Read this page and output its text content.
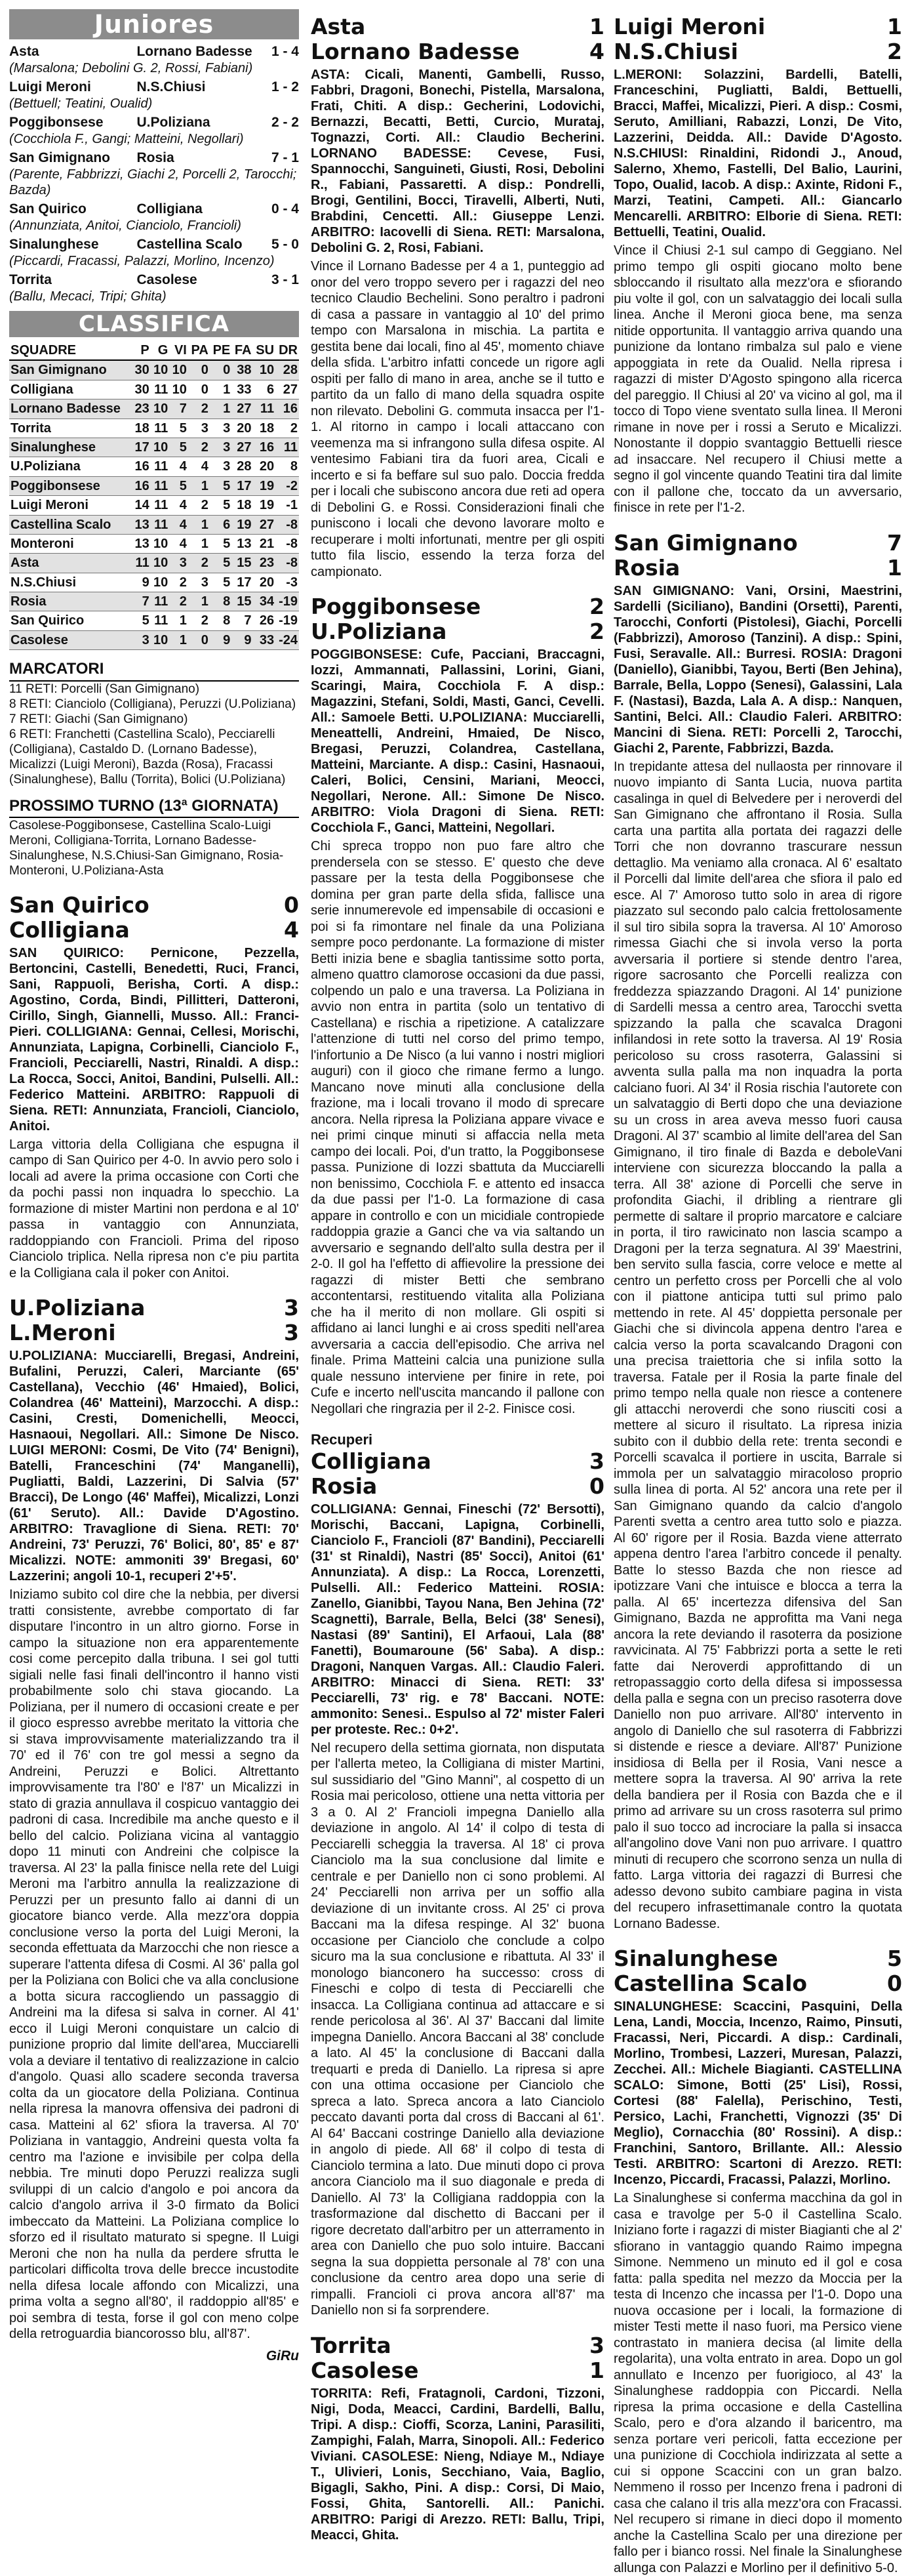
Juniores
Asta	Lornano Badesse	1 - 4
(Marsalona; Debolini G. 2, Rossi, Fabiani)
Luigi Meroni	N.S.Chiusi	1 - 2
(Bettuell; Teatini, Oualid)
Poggibonsese	U.Poliziana	2 - 2
(Cocchiola F., Gangi; Matteini, Negollari)
San Gimignano	Rosia	7 - 1
(Parente, Fabbrizzi, Giachi 2, Porcelli 2, Tarocchi; Bazda)
San Quirico	Colligiana	0 - 4
(Annunziata, Anitoi, Cianciolo, Francioli)
Sinalunghese	Castellina Scalo	5 - 0
(Piccardi, Fracassi, Palazzi, Morlino, Incenzo)
Torrita	Casolese	3 - 1
(Ballu, Mecaci, Tripi; Ghita)
CLASSIFICA
SQUADRE	P	G	VI	PA	PE	FA	SU	DR
San Gimignano	30	10	10	0	0	38	10	28
Colligiana	30	11	10	0	1	33	6	27
Lornano Badesse	23	10	7	2	1	27	11	16
Torrita	18	11	5	3	3	20	18	2
Sinalunghese	17	10	5	2	3	27	16	11
U.Poliziana	16	11	4	4	3	28	20	8
Poggibonsese	16	11	5	1	5	17	19	-2
Luigi Meroni	14	11	4	2	5	18	19	-1
Castellina Scalo	13	11	4	1	6	19	27	-8
Monteroni	13	10	4	1	5	13	21	-8
Asta	11	10	3	2	5	15	23	-8
N.S.Chiusi	9	10	2	3	5	17	20	-3
Rosia	7	11	2	1	8	15	34	-19
San Quirico	5	11	1	2	8	7	26	-19
Casolese	3	10	1	0	9	9	33	-24
MARCATORI
11 RETI: Porcelli (San Gimignano)
8 RETI: Cianciolo (Colligiana), Peruzzi (U.Poliziana)
7 RETI: Giachi (San Gimignano)
6 RETI: Franchetti (Castellina Scalo), Pecciarelli (Colligiana), Castaldo D. (Lornano Badesse), Micalizzi (Luigi Meroni), Bazda (Rosa), Fracassi (Sinalunghese), Ballu (Torrita), Bolici (U.Poliziana)
PROSSIMO TURNO (13ª GIORNATA)
Casolese-Poggibonsese, Castellina Scalo-Luigi Meroni, Colligiana-Torrita, Lornano Badesse-Sinalunghese, N.S.Chiusi-San Gimignano, Rosia-Monteroni, U.Poliziana-Asta
San Quirico	0
Colligiana	4
SAN QUIRICO: Pernicone, Pezzella, Bertoncini, Castelli, Benedetti, Ruci, Franci, Sani, Rappuoli, Berisha, Corti. A disp.: Agostino, Corda, Bindi, Pillitteri, Datteroni, Cirillo, Singh, Giannelli, Musso. All.: Franci-Pieri. COLLIGIANA: Gennai, Cellesi, Morischi, Annunziata, Lapigna, Corbinelli, Cianciolo F., Francioli, Pecciarelli, Nastri, Rinaldi. A disp.: La Rocca, Socci, Anitoi, Bandini, Pulselli. All.: Federico Matteini. ARBITRO: Rappuoli di Siena. RETI: Annunziata, Francioli, Cianciolo, Anitoi.
Larga vittoria della Colligiana che espugna il campo di San Quirico per 4-0. In avvio pero solo i locali ad avere la prima occasione con Corti che da pochi passi non inquadra lo specchio. La formazione di mister Martini non perdona e al 10' passa in vantaggio con Annunziata, raddoppiando con Francioli. Prima del riposo Cianciolo triplica. Nella ripresa non c'e piu partita e la Colligiana cala il poker con Anitoi.
U.Poliziana	3
L.Meroni	3
U.POLIZIANA: Mucciarelli, Bregasi, Andreini, Bufalini, Peruzzi, Caleri, Marciante (65' Castellana), Vecchio (46' Hmaied), Bolici, Colandrea (46' Matteini), Marzocchi. A disp.: Casini, Cresti, Domenichelli, Meocci, Hasnaoui, Negollari. All.: Simone De Nisco. LUIGI MERONI: Cosmi, De Vito (74' Benigni), Batelli, Franceschini (74' Manganelli), Pugliatti, Baldi, Lazzerini, Di Salvia (57' Bracci), De Longo (46' Maffei), Micalizzi, Lonzi (61' Seruto). All.: Davide D'Agostino. ARBITRO: Travaglione di Siena. RETI: 70' Andreini, 73' Peruzzi, 76' Bolici, 80', 85' e 87' Micalizzi. NOTE: ammoniti 39' Bregasi, 60' Lazzerini; angoli 10-1, recuperi 2'+5'.
Iniziamo subito col dire che la nebbia, per diversi tratti consistente, avrebbe comportato di far disputare l'incontro in un altro giorno. Forse in campo la situazione non era apparentemente cosi come percepito dalla tribuna. I sei gol tutti sigiali nelle fasi finali dell'incontro il hanno visti probabilmente solo chi stava giocando. La Poliziana, per il numero di occasioni create e per il gioco espresso avrebbe meritato la vittoria che si stava improvvisamente materializzando tra il 70' ed il 76' con tre gol messi a segno da Andreini, Peruzzi e Bolici. Altrettanto improvvisamente tra l'80' e l'87' un Micalizzi in stato di grazia annullava il cospicuo vantaggio dei padroni di casa. Incredibile ma anche questo e il bello del calcio. Poliziana vicina al vantaggio dopo 11 minuti con Andreini che colpisce la traversa. Al 23' la palla finisce nella rete del Luigi Meroni ma l'arbitro annulla la realizzazione di Peruzzi per un presunto fallo ai danni di un giocatore bianco verde. Alla mezz'ora doppia conclusione verso la porta del Luigi Meroni, la seconda effettuata da Marzocchi che non riesce a superare l'attenta difesa di Cosmi. Al 36' palla gol per la Poliziana con Bolici che va alla conclusione a botta sicura raccogliendo un passaggio di Andreini ma la difesa si salva in corner. Al 41' ecco il Luigi Meroni conquistare un calcio di punizione proprio dal limite dell'area, Mucciarelli vola a deviare il tentativo di realizzazione in calcio d'angolo. Quasi allo scadere seconda traversa colta da un giocatore della Poliziana. Continua nella ripresa la manovra offensiva dei padroni di casa. Matteini al 62' sfiora la traversa. Al 70' Poliziana in vantaggio, Andreini questa volta fa centro ma l'azione e invisibile per colpa della nebbia. Tre minuti dopo Peruzzi realizza sugli sviluppi di un calcio d'angolo e poi ancora da calcio d'angolo arriva il 3-0 firmato da Bolici imbeccato da Matteini. La Poliziana complice lo sforzo ed il risultato maturato si spegne. Il Luigi Meroni che non ha nulla da perdere sfrutta le particolari difficolta trova delle brecce incustodite nella difesa locale affondo con Micalizzi, una prima volta a segno all'80', il raddoppio all'85' e poi sembra di testa, forse il gol con meno colpe della retroguardia biancorosso blu, all'87'.
GiRu
Asta	1
Lornano Badesse	4
ASTA: Cicali, Manenti, Gambelli, Russo, Fabbri, Dragoni, Bonechi, Pistella, Marsalona, Frati, Chiti. A disp.: Gecherini, Lodovichi, Bernazzi, Becatti, Betti, Curcio, Murataj, Tognazzi, Corti. All.: Claudio Becherini. LORNANO BADESSE: Cevese, Fusi, Spannocchi, Sanguineti, Giusti, Rosi, Debolini R., Fabiani, Passaretti. A disp.: Pondrelli, Brogi, Gentilini, Bocci, Tiravelli, Alberti, Nuti, Brabdini, Cencetti. All.: Giuseppe Lenzi. ARBITRO: Iacovelli di Siena. RETI: Marsalona, Debolini G. 2, Rosi, Fabiani.
Vince il Lornano Badesse per 4 a 1, punteggio ad onor del vero troppo severo per i ragazzi del neo tecnico Claudio Bechelini. Sono peraltro i padroni di casa a passare in vantaggio al 10' del primo tempo con Marsalona in mischia. La partita e gestita bene dai locali, fino al 45', momento chiave della sfida. L'arbitro infatti concede un rigore agli ospiti per fallo di mano in area, anche se il tutto e partito da un fallo di mano della squadra ospite non rilevato. Debolini G. commuta insacca per l'1-1. Al ritorno in campo i locali attaccano con veemenza ma si infrangono sulla difesa ospite. Al ventesimo Fabiani tira da fuori area, Cicali e incerto e si fa beffare sul suo palo. Doccia fredda per i locali che subiscono ancora due reti ad opera di Debolini G. e Rossi. Considerazioni finali che puniscono i locali che devono lavorare molto e recuperare i molti infortunati, mentre per gli ospiti tutto fila liscio, essendo la terza forza del campionato.
Poggibonsese	2
U.Poliziana	2
POGGIBONSESE: Cufe, Pacciani, Braccagni, Iozzi, Ammannati, Pallassini, Lorini, Giani, Scaringi, Maira, Cocchiola F. A disp.: Magazzini, Stefani, Soldi, Masti, Ganci, Cevelli. All.: Samoele Betti. U.POLIZIANA: Mucciarelli, Meneattelli, Andreini, Hmaied, De Nisco, Bregasi, Peruzzi, Colandrea, Castellana, Matteini, Marciante. A disp.: Casini, Hasnaoui, Caleri, Bolici, Censini, Mariani, Meocci, Negollari, Nerone. All.: Simone De Nisco. ARBITRO: Viola Dragoni di Siena. RETI: Cocchiola F., Ganci, Matteini, Negollari.
Chi spreca troppo non puo fare altro che prendersela con se stesso. E' questo che deve passare per la testa della Poggibonsese che domina per gran parte della sfida, fallisce una serie innumerevole ed impensabile di occasioni e poi si fa rimontare nel finale da una Poliziana sempre poco perdonante. La formazione di mister Betti inizia bene e sbaglia tantissime sotto porta, almeno quattro clamorose occasioni da due passi, colpendo un palo e una traversa. La Poliziana in avvio non entra in partita (solo un tentativo di Castellana) e rischia a ripetizione. A catalizzare l'attenzione di tutti nel corso del primo tempo, l'infortunio a De Nisco (a lui vanno i nostri migliori auguri) con il gioco che rimane fermo a lungo. Mancano nove minuti alla conclusione della frazione, ma i locali trovano il modo di sprecare ancora. Nella ripresa la Poliziana appare vivace e nei primi cinque minuti si affaccia nella meta campo dei locali. Poi, d'un tratto, la Poggibonsese passa. Punizione di Iozzi sbattuta da Mucciarelli non benissimo, Cocchiola F. e attento ed insacca da due passi per l'1-0. La formazione di casa appare in controllo e con un micidiale contropiede raddoppia grazie a Ganci che va via saltando un avversario e segnando dell'alto sulla destra per il 2-0. Il gol ha l'effetto di affievolire la pressione dei ragazzi di mister Betti che sembrano accontentarsi, restituendo vitalita alla Poliziana che ha il merito di non mollare. Gli ospiti si affidano ai lanci lunghi e ai cross spediti nell'area avversaria a caccia dell'episodio. Che arriva nel finale. Prima Matteini calcia una punizione sulla quale nessuno interviene per finire in rete, poi Cufe e incerto nell'uscita mancando il pallone con Negollari che ringrazia per il 2-2. Finisce cosi.
Recuperi
Colligiana	3
Rosia	0
COLLIGIANA: Gennai, Fineschi (72' Bersotti), Morischi, Baccani, Lapigna, Corbinelli, Cianciolo F., Francioli (87' Bandini), Pecciarelli (31' st Rinaldi), Nastri (85' Socci), Anitoi (61' Annunziata). A disp.: La Rocca, Lorenzetti, Pulselli. All.: Federico Matteini. ROSIA: Zanello, Gianibbi, Tayou Nana, Ben Jehina (72' Scagnetti), Barrale, Bella, Belci (38' Senesi), Nastasi (89' Santini), El Arfaoui, Lala (88' Fanetti), Boumaroune (56' Saba). A disp.: Dragoni, Nanquen Vargas. All.: Claudio Faleri. ARBITRO: Minacci di Siena. RETI: 33' Pecciarelli, 73' rig. e 78' Baccani. NOTE: ammonito: Senesi.. Espulso al 72' mister Faleri per proteste. Rec.: 0+2'.
Nel recupero della settima giornata, non disputata per l'allerta meteo, la Colligiana di mister Martini, sul sussidiario del "Gino Manni", al cospetto di un Rosia mai pericoloso, ottiene una netta vittoria per 3 a 0. Al 2' Francioli impegna Daniello alla deviazione in angolo. Al 14' il colpo di testa di Pecciarelli scheggia la traversa. Al 18' ci prova Cianciolo ma la sua conclusione dal limite e centrale e per Daniello non ci sono problemi. Al 24' Pecciarelli non arriva per un soffio alla deviazione di un invitante cross. Al 25' ci prova Baccani ma la difesa respinge. Al 32' buona occasione per Cianciolo che conclude a colpo sicuro ma la sua conclusione e ribattuta. Al 33' il monologo bianconero ha successo: cross di Fineschi e colpo di testa di Pecciarelli che insacca. La Colligiana continua ad attaccare e si rende pericolosa al 36'. Al 37' Baccani dal limite impegna Daniello. Ancora Baccani al 38' conclude a lato. Al 45' la conclusione di Baccani dalla trequarti e preda di Daniello. La ripresa si apre con una ottima occasione per Cianciolo che spreca a lato. Spreca ancora a lato Cianciolo peccato davanti porta dal cross di Baccani al 61'. Al 64' Baccani costringe Daniello alla deviazione in angolo di piede. All 68' il colpo di testa di Cianciolo termina a lato. Due minuti dopo ci prova ancora Cianciolo ma il suo diagonale e preda di Daniello. Al 73' la Colligiana raddoppia con la trasformazione dal dischetto di Baccani per il rigore decretato dall'arbitro per un atterramento in area con Daniello che puo solo intuire. Baccani segna la sua doppietta personale al 78' con una conclusione da centro area dopo una serie di rimpalli. Francioli ci prova ancora all'87' ma Daniello non si fa sorprendere.
Torrita	3
Casolese	1
TORRITA: Refi, Fratagnoli, Cardoni, Tizzoni, Nigi, Doda, Meacci, Cardini, Bardelli, Ballu, Tripi. A disp.: Cioffi, Scorza, Lanini, Parasiliti, Zampighi, Falah, Marra, Sinopoli. All.: Federico Viviani. CASOLESE: Nieng, Ndiaye M., Ndiaye T., Ulivieri, Lonis, Secchiano, Vaia, Baglio, Bigagli, Sakho, Pini. A disp.: Corsi, Di Maio, Fossi, Ghita, Santorelli. All.: Panichi. ARBITRO: Parigi di Arezzo. RETI: Ballu, Tripi, Meacci, Ghita.
Luigi Meroni	1
N.S.Chiusi	2
L.MERONI: Solazzini, Bardelli, Batelli, Franceschini, Pugliatti, Baldi, Bettuelli, Bracci, Maffei, Micalizzi, Pieri. A disp.: Cosmi, Seruto, Amilliani, Rabazzi, Lonzi, De Vito, Lazzerini, Deidda. All.: Davide D'Agosto. N.S.CHIUSI: Rinaldini, Ridondi J., Anoud, Salerno, Xhemo, Fastelli, Del Balio, Laurini, Topo, Oualid, Iacob. A disp.: Axinte, Ridoni F., Marzi, Teatini, Campeti. All.: Giancarlo Mencarelli. ARBITRO: Elborie di Siena. RETI: Bettuelli, Teatini, Oualid.
Vince il Chiusi 2-1 sul campo di Geggiano. Nel primo tempo gli ospiti giocano molto bene sbloccando il risultato alla mezz'ora e sfiorando piu volte il gol, con un salvataggio dei locali sulla linea. Anche il Meroni gioca bene, ma senza nitide opportunita. Il vantaggio arriva quando una punizione da lontano rimbalza sul palo e viene appoggiata in rete da Oualid. Nella ripresa i ragazzi di mister D'Agosto spingono alla ricerca del pareggio. Il Chiusi al 20' va vicino al gol, ma il tocco di Topo viene sventato sulla linea. Il Meroni rimane in nove per i rossi a Seruto e Micalizzi. Nonostante il doppio svantaggio Bettuelli riesce ad insaccare. Nel recupero il Chiusi mette a segno il gol vincente quando Teatini tira dal limite con il pallone che, toccato da un avversario, finisce in rete per l'1-2.
San Gimignano	7
Rosia	1
SAN GIMIGNANO: Vani, Orsini, Maestrini, Sardelli (Siciliano), Bandini (Orsetti), Parenti, Tarocchi, Conforti (Pistolesi), Giachi, Porcelli (Fabbrizzi), Amoroso (Tanzini). A disp.: Spini, Fusi, Seravalle. All.: Burresi. ROSIA: Dragoni (Daniello), Gianibbi, Tayou, Berti (Ben Jehina), Barrale, Bella, Loppo (Senesi), Galassini, Lala F. (Nastasi), Bazda, Lala A. A disp.: Nanquen, Santini, Belci. All.: Claudio Faleri. ARBITRO: Mancini di Siena. RETI: Porcelli 2, Tarocchi, Giachi 2, Parente, Fabbrizzi, Bazda.
In trepidante attesa del nullaosta per rinnovare il nuovo impianto di Santa Lucia, nuova partita casalinga in quel di Belvedere per i neroverdi del San Gimignano che affrontano il Rosia. Sulla carta una partita alla portata dei ragazzi delle Torri che non dovranno trascurare nessun dettaglio. Ma veniamo alla cronaca. Al 6' esaltato il Porcelli dal limite dell'area che sfiora il palo ed esce. Al 7' Amoroso tutto solo in area di rigore piazzato sul secondo palo calcia frettolosamente il sul tiro sibila sopra la traversa. Al 10' Amoroso rimessa Giachi che si invola verso la porta avversaria il portiere si stende dentro l'area, rigore sacrosanto che Porcelli realizza con freddezza spiazzando Dragoni. Al 14' punizione di Sardelli messa a centro area, Tarocchi svetta spizzando la palla che scavalca Dragoni infilandosi in rete sotto la traversa. Al 19' Rosia pericoloso su cross rasoterra, Galassini si avventa sulla palla ma non inquadra la porta calciano fuori. Al 34' il Rosia rischia l'autorete con un salvataggio di Berti dopo che una deviazione su un cross in area aveva messo fuori causa Dragoni. Al 37' scambio al limite dell'area del San Gimignano, il tiro finale di Bazda e deboleVani interviene con sicurezza bloccando la palla a terra. All 38' azione di Porcelli che serve in profondita Giachi, il dribling a rientrare gli permette di saltare il proprio marcatore e calciare in porta, il tiro rawicinato non lascia scampo a Dragoni per la terza segnatura. Al 39' Maestrini, ben servito sulla fascia, corre veloce e mette al centro un perfetto cross per Porcelli che al volo con il piattone anticipa tutti sul primo palo mettendo in rete. Al 45' doppietta personale per Giachi che si divincola appena dentro l'area e calcia verso la porta scavalcando Dragoni con una precisa traiettoria che si infila sotto la traversa. Fatale per il Rosia la parte finale del primo tempo nella quale non riesce a contenere gli attacchi neroverdi che sono riusciti cosi a mettere al sicuro il risultato. La ripresa inizia subito con il dubbio della rete: trenta secondi e Porcelli scavalca il portiere in uscita, Barrale si immola per un salvataggio miracoloso proprio sulla linea di porta. Al 52' ancora una rete per il San Gimignano quando da calcio d'angolo Parenti svetta a centro area tutto solo e piazza. Al 60' rigore per il Rosia. Bazda viene atterrato appena dentro l'area l'arbitro concede il penalty. Batte lo stesso Bazda che non riesce ad ipotizzare Vani che intuisce e blocca a terra la palla. Al 65' incertezza difensiva del San Gimignano, Bazda ne approfitta ma Vani nega ancora la rete deviando il rasoterra da posizione ravvicinata. Al 75' Fabbrizzi porta a sette le reti fatte dai Neroverdi approfittando di un retropassaggio corto della difesa si impossessa della palla e segna con un preciso rasoterra dove Daniello non puo arrivare. All'80' intervento in angolo di Daniello che sul rasoterra di Fabbrizzi si distende e riesce a deviare. All'87' Punizione insidiosa di Bella per il Rosia, Vani nesce a mettere sopra la traversa. Al 90' arriva la rete della bandiera per il Rosia con Bazda che e il primo ad arrivare su un cross rasoterra sul primo palo il suo tocco ad incrociare la palla si insacca all'angolino dove Vani non puo arrivare. I quattro minuti di recupero che scorrono senza un nulla di fatto. Larga vittoria dei ragazzi di Burresi che adesso devono subito cambiare pagina in vista del recupero infrasettimanale contro la quotata Lornano Badesse.
Sinalunghese	5
Castellina Scalo	0
SINALUNGHESE: Scaccini, Pasquini, Della Lena, Landi, Moccia, Incenzo, Raimo, Pinsuti, Fracassi, Neri, Piccardi. A disp.: Cardinali, Morlino, Trombesi, Lazzeri, Muresan, Palazzi, Zecchei. All.: Michele Biagianti. CASTELLINA SCALO: Simone, Botti (25' Lisi), Rossi, Cortesi (88' Falella), Perischino, Testi, Persico, Lachi, Franchetti, Vignozzi (35' Di Meglio), Cornacchia (80' Rossini). A disp.: Franchini, Santoro, Brillante. All.: Alessio Testi. ARBITRO: Scartoni di Arezzo. RETI: Incenzo, Piccardi, Fracassi, Palazzi, Morlino.
La Sinalunghese si conferma macchina da gol in casa e travolge per 5-0 il Castellina Scalo. Iniziano forte i ragazzi di mister Biagianti che al 2' sfiorano in vantaggio quando Raimo impegna Simone. Nemmeno un minuto ed il gol e cosa fatta: palla spedita nel mezzo da Moccia per la testa di Incenzo che incassa per l'1-0. Dopo una nuova occasione per i locali, la formazione di mister Testi mette il naso fuori, ma Persico viene contrastato in maniera decisa (al limite della regolarita), una volta entrato in area. Dopo un gol annullato e Incenzo per fuorigioco, al 43' la Sinalunghese raddoppia con Piccardi. Nella ripresa la prima occasione e della Castellina Scalo, pero e d'ora alzando il baricentro, ma senza portare veri pericoli, fatta eccezione per una punizione di Cocchiola indirizzata al sette a cui si oppone Scaccini con un gran balzo. Nemmeno il rosso per Incenzo frena i padroni di casa che calano il tris alla mezz'ora con Fracassi. Nel recupero si rimane in dieci dopo il momento anche la Castellina Scalo per una direzione per fallo per i bianco rossi. Nel finale la Sinalunghese allunga con Palazzi e Morlino per il definitivo 5-0.
